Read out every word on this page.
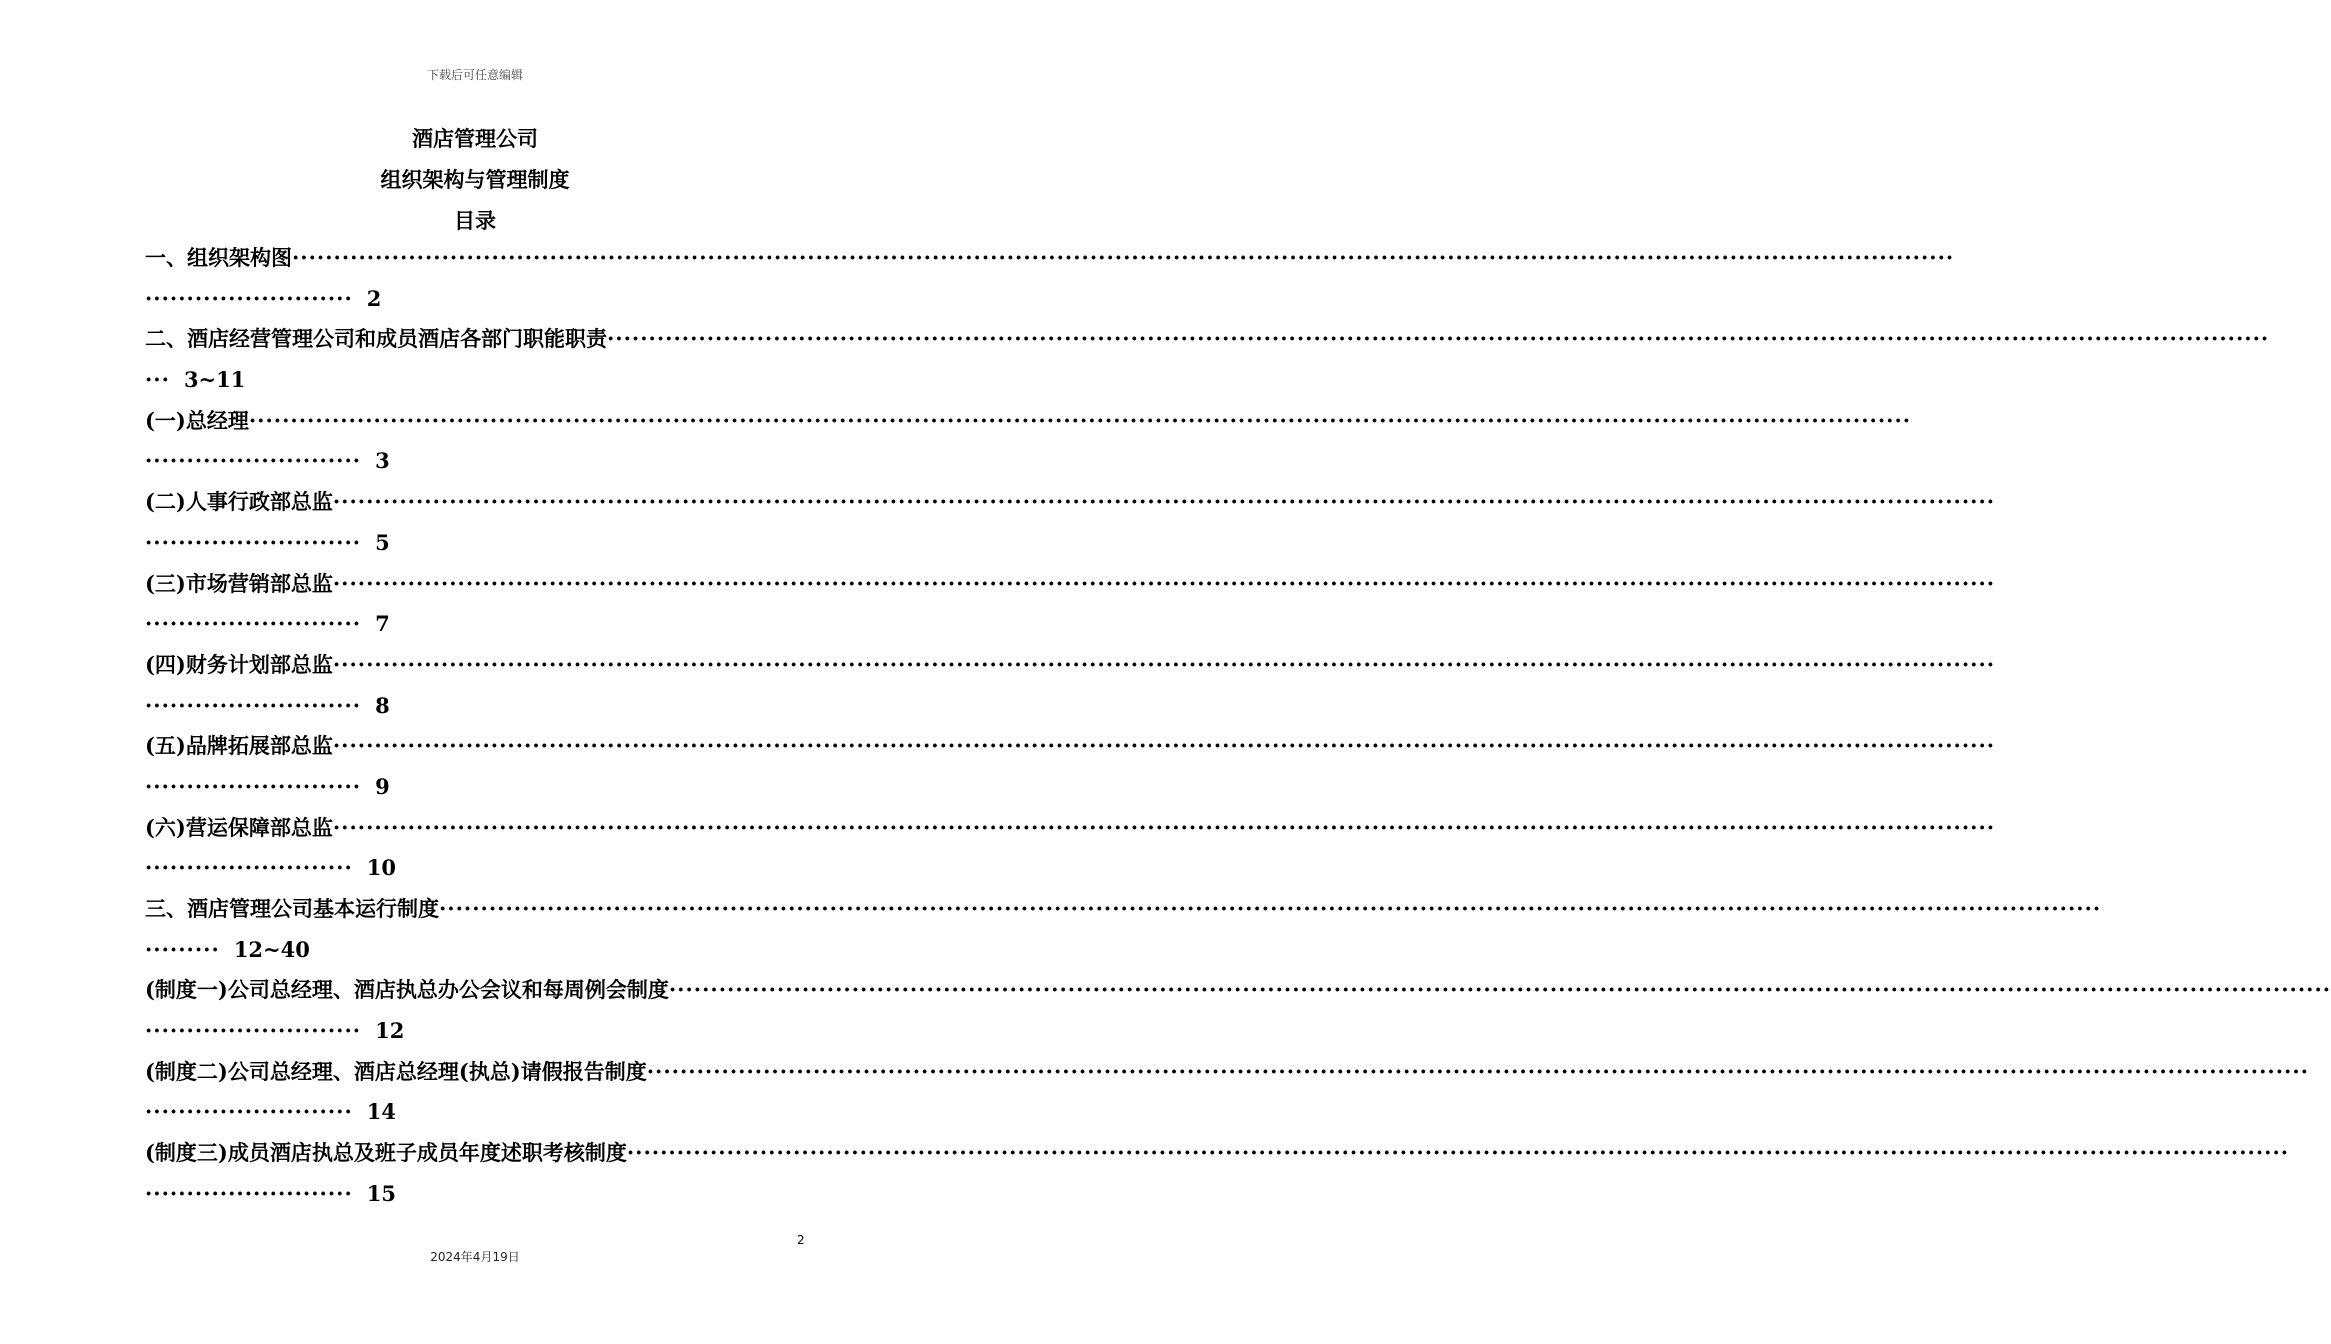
下载后可任意编辑
酒店管理公司
组织架构与管理制度
目录
一、组织架构图 ········································································································································································································
························· 2
二、酒店经营管理公司和成员酒店各部门职能职责 ········································································································································································································
··· 3~11
(一)总经理 ········································································································································································································
·························· 3
(二)人事行政部总监 ········································································································································································································
·························· 5
(三)市场营销部总监 ········································································································································································································
·························· 7
(四)财务计划部总监 ········································································································································································································
·························· 8
(五)品牌拓展部总监 ········································································································································································································
·························· 9
(六)营运保障部总监 ········································································································································································································
························· 10
三、酒店管理公司基本运行制度 ········································································································································································································
········· 12~40
(制度一)公司总经理、酒店执总办公会议和每周例会制度 ········································································································································································································
·························· 12
(制度二)公司总经理、酒店总经理(执总)请假报告制度 ········································································································································································································
························· 14
(制度三)成员酒店执总及班子成员年度述职考核制度 ········································································································································································································
························· 15
2
2024年4月19日
